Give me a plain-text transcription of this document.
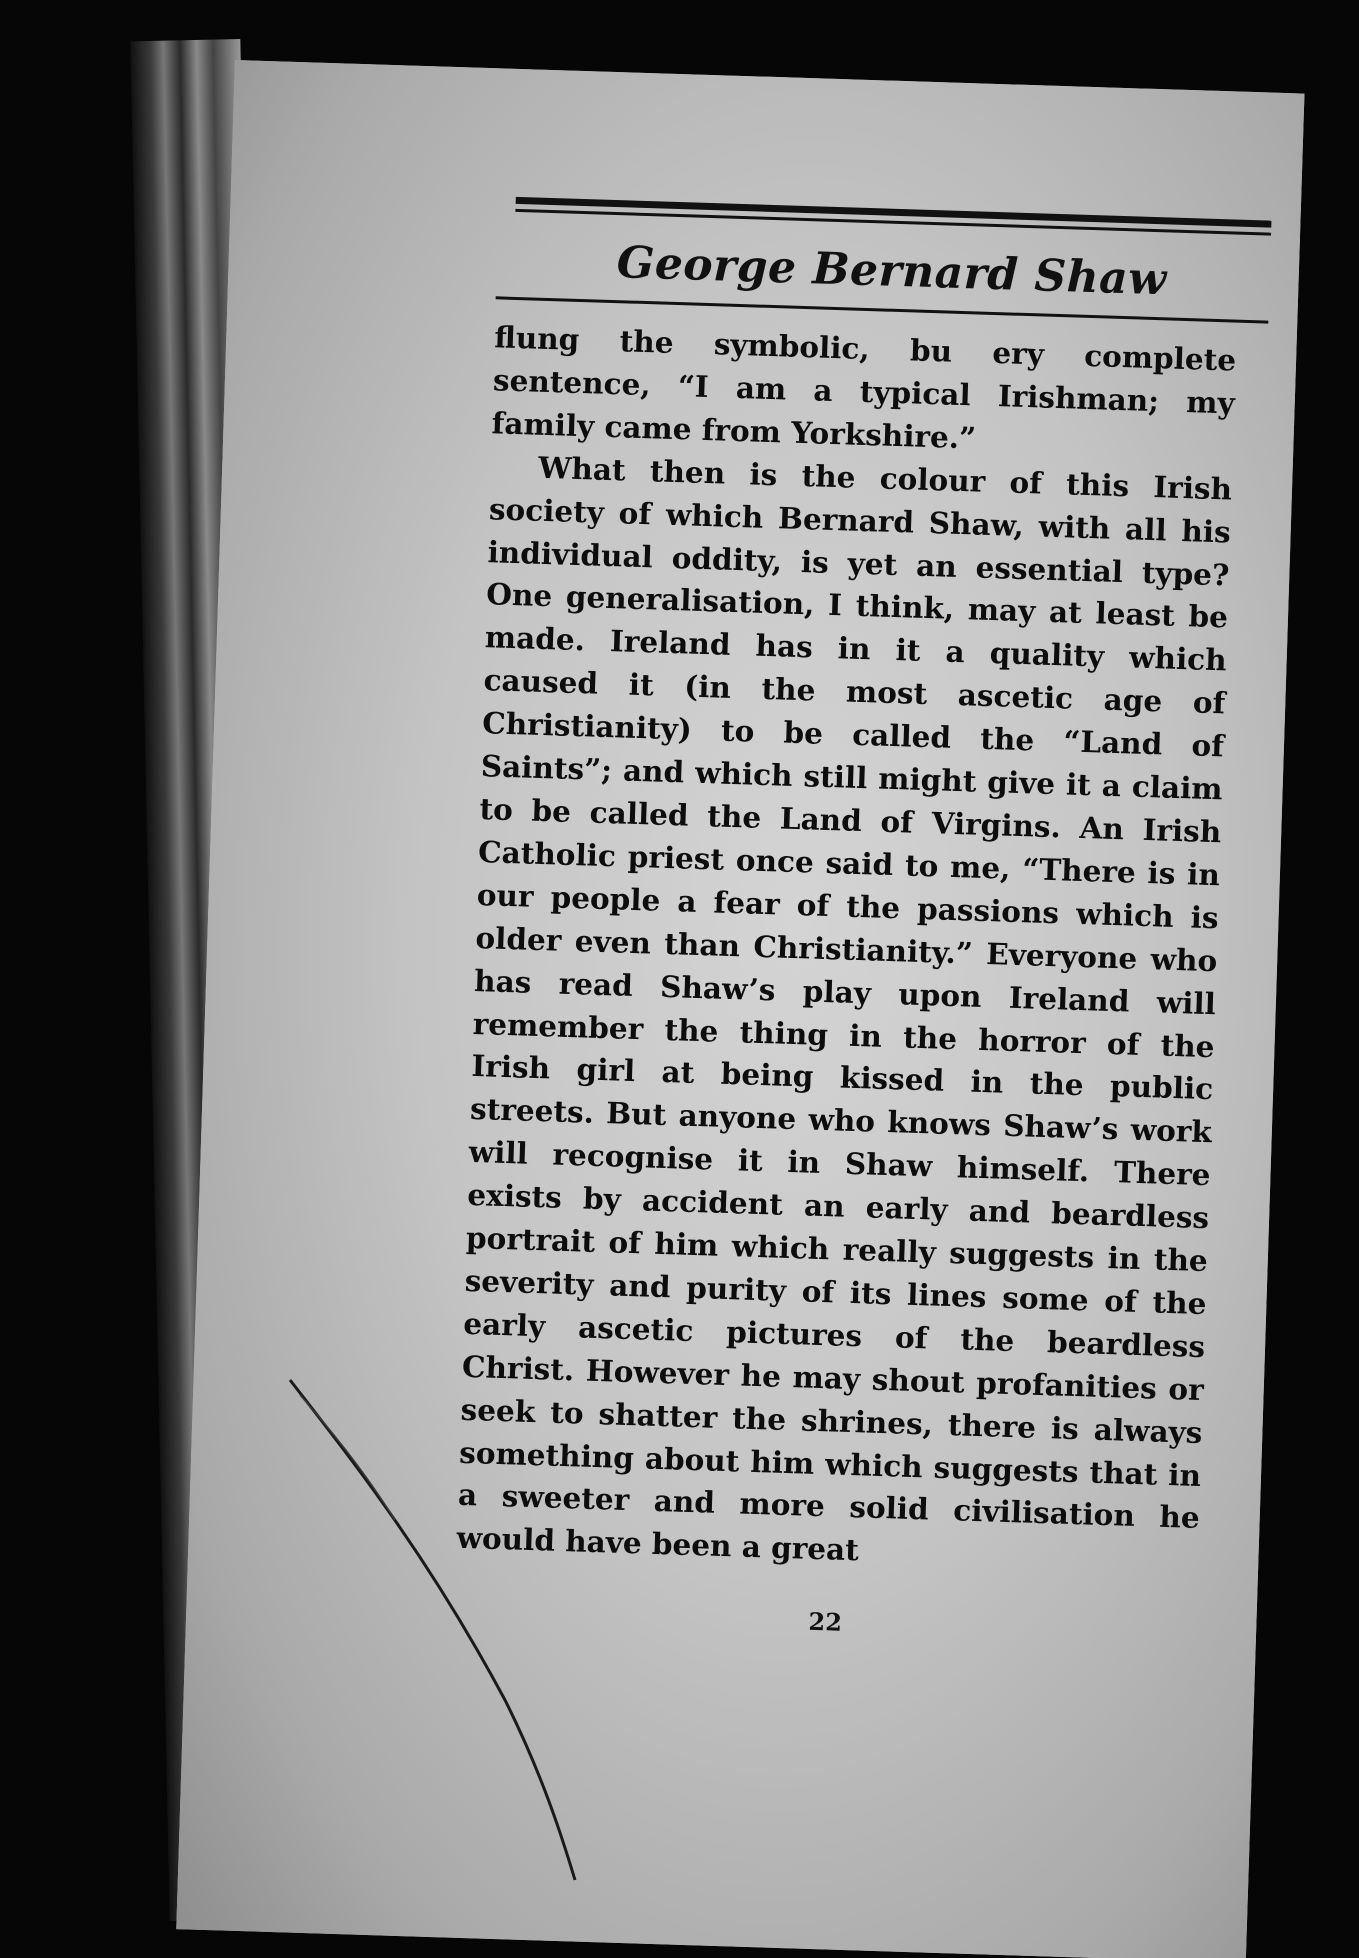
George Bernard Shaw

flung the symbolic, bu ery complete sentence, “I am a typical Irishman; my family came from Yorkshire.”

What then is the colour of this Irish society of which Bernard Shaw, with all his individual oddity, is yet an essential type? One generalisation, I think, may at least be made. Ireland has in it a quality which caused it (in the most ascetic age of Christianity) to be called the “Land of Saints”; and which still might give it a claim to be called the Land of Virgins. An Irish Catholic priest once said to me, “There is in our people a fear of the passions which is older even than Christianity.” Everyone who has read Shaw’s play upon Ireland will remember the thing in the horror of the Irish girl at being kissed in the public streets. But anyone who knows Shaw’s work will recognise it in Shaw himself. There exists by accident an early and beardless portrait of him which really suggests in the severity and purity of its lines some of the early ascetic pictures of the beardless Christ. However he may shout profanities or seek to shatter the shrines, there is always something about him which suggests that in a sweeter and more solid civilisation he would have been a great

22
